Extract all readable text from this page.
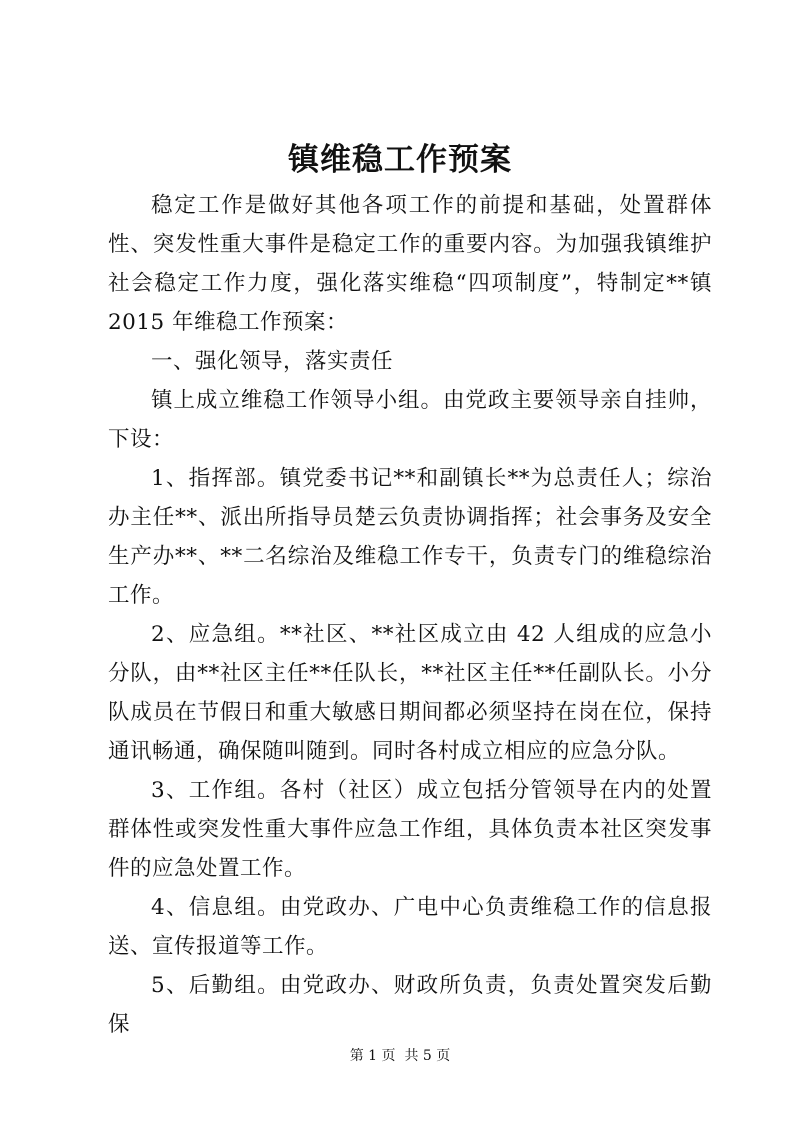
镇维稳工作预案

稳定工作是做好其他各项工作的前提和基础，处置群体性、突发性重大事件是稳定工作的重要内容。为加强我镇维护社会稳定工作力度，强化落实维稳“四项制度”，特制定**镇 2015 年维稳工作预案：

一、强化领导，落实责任

镇上成立维稳工作领导小组。由党政主要领导亲自挂帅，下设：

1、指挥部。镇党委书记**和副镇长**为总责任人；综治办主任**、派出所指导员楚云负责协调指挥；社会事务及安全生产办**、**二名综治及维稳工作专干，负责专门的维稳综治工作。

2、应急组。**社区、**社区成立由 42 人组成的应急小分队，由**社区主任**任队长，**社区主任**任副队长。小分队成员在节假日和重大敏感日期间都必须坚持在岗在位，保持通讯畅通，确保随叫随到。同时各村成立相应的应急分队。

3、工作组。各村（社区）成立包括分管领导在内的处置群体性或突发性重大事件应急工作组，具体负责本社区突发事件的应急处置工作。

4、信息组。由党政办、广电中心负责维稳工作的信息报送、宣传报道等工作。

5、后勤组。由党政办、财政所负责，负责处置突发后勤保

第 1 页  共 5 页
